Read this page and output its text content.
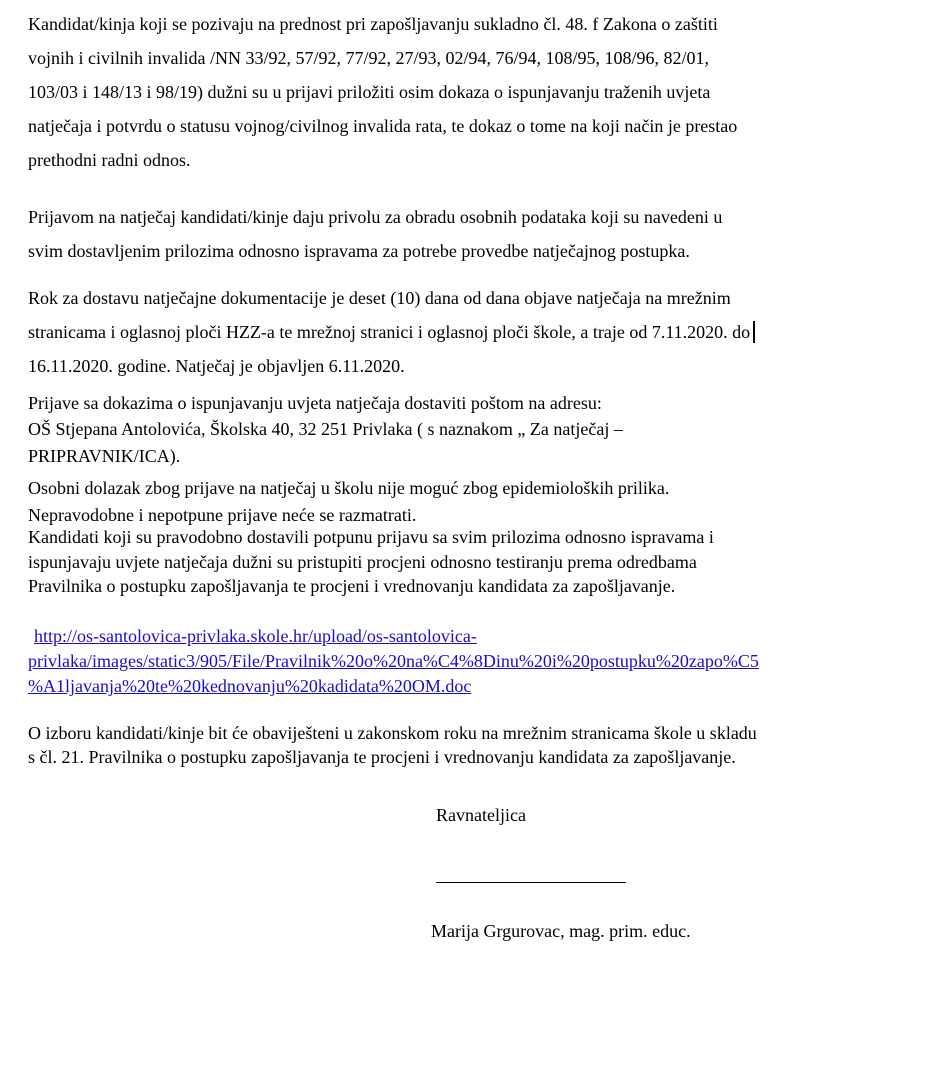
Kandidat/kinja koji se pozivaju na prednost pri zapošljavanju sukladno čl. 48. f Zakona o zaštiti
vojnih i civilnih invalida /NN 33/92, 57/92, 77/92, 27/93, 02/94, 76/94, 108/95, 108/96, 82/01,
103/03 i 148/13 i 98/19) dužni su u prijavi priložiti osim dokaza o ispunjavanju traženih uvjeta
natječaja i potvrdu o statusu vojnog/civilnog invalida rata, te dokaz o tome na koji način je prestao
prethodni radni odnos.
Prijavom na natječaj kandidati/kinje daju privolu za obradu osobnih podataka koji su navedeni u
svim dostavljenim prilozima odnosno ispravama za potrebe provedbe natječajnog postupka.
Rok za dostavu natječajne dokumentacije je deset (10) dana od dana objave natječaja na mrežnim
stranicama i oglasnoj ploči HZZ-a te mrežnoj stranici i oglasnoj ploči škole, a traje od 7.11.2020. do
16.11.2020. godine. Natječaj je objavljen 6.11.2020.
Prijave sa dokazima o ispunjavanju uvjeta natječaja dostaviti poštom na adresu:
OŠ Stjepana Antolovića, Školska 40, 32 251 Privlaka ( s naznakom „ Za natječaj –
PRIPRAVNIK/ICA).
Osobni dolazak zbog prijave na natječaj u školu nije moguć zbog epidemioloških prilika.
Nepravodobne i nepotpune prijave neće se razmatrati.
Kandidati koji su pravodobno dostavili potpunu prijavu sa svim prilozima odnosno ispravama i
ispunjavaju uvjete natječaja dužni su pristupiti procjeni odnosno testiranju prema odredbama
Pravilnika o postupku zapošljavanja te procjeni i vrednovanju kandidata za zapošljavanje.
http://os-santolovica-privlaka.skole.hr/upload/os-santolovica-
privlaka/images/static3/905/File/Pravilnik%20o%20na%C4%8Dinu%20i%20postupku%20zapo%C5
%A1ljavanja%20te%20kednovanju%20kadidata%20OM.doc
O izboru kandidati/kinje bit će obaviješteni u zakonskom roku na mrežnim stranicama škole u skladu
s čl. 21. Pravilnika o postupku zapošljavanja te procjeni i vrednovanju kandidata za zapošljavanje.
Ravnateljica
Marija Grgurovac, mag. prim. educ.
